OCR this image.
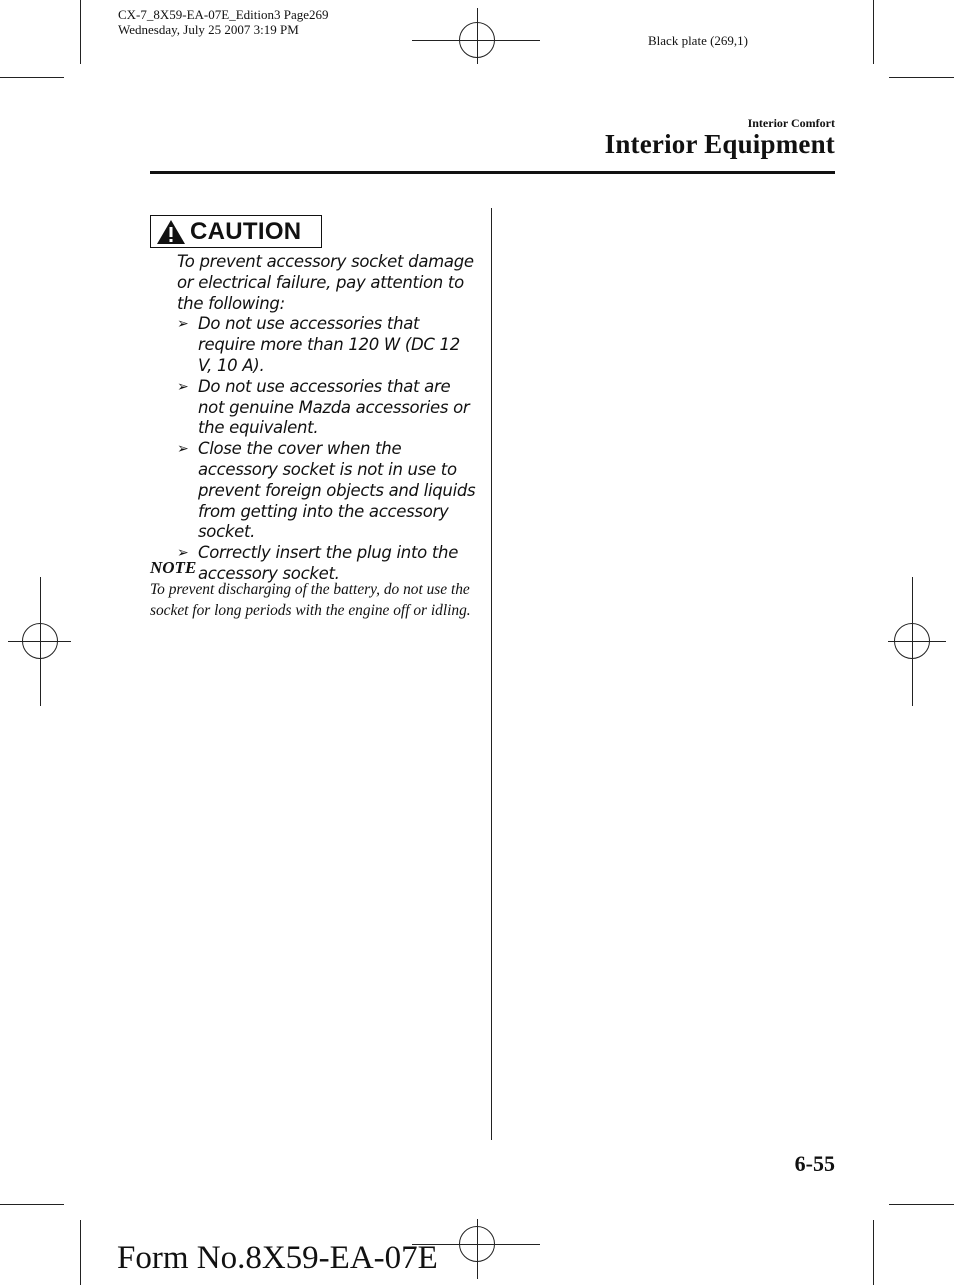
CX-7_8X59-EA-07E_Edition3 Page269
Wednesday, July 25 2007 3:19 PM
Black plate (269,1)
Interior Comfort
Interior Equipment
CAUTION

To prevent accessory socket damage or electrical failure, pay attention to the following:

➢ Do not use accessories that require more than 120 W (DC 12 V, 10 A).
➢ Do not use accessories that are not genuine Mazda accessories or the equivalent.
➢ Close the cover when the accessory socket is not in use to prevent foreign objects and liquids from getting into the accessory socket.
➢ Correctly insert the plug into the accessory socket.
NOTE
To prevent discharging of the battery, do not use the socket for long periods with the engine off or idling.
6-55
Form No.8X59-EA-07E
